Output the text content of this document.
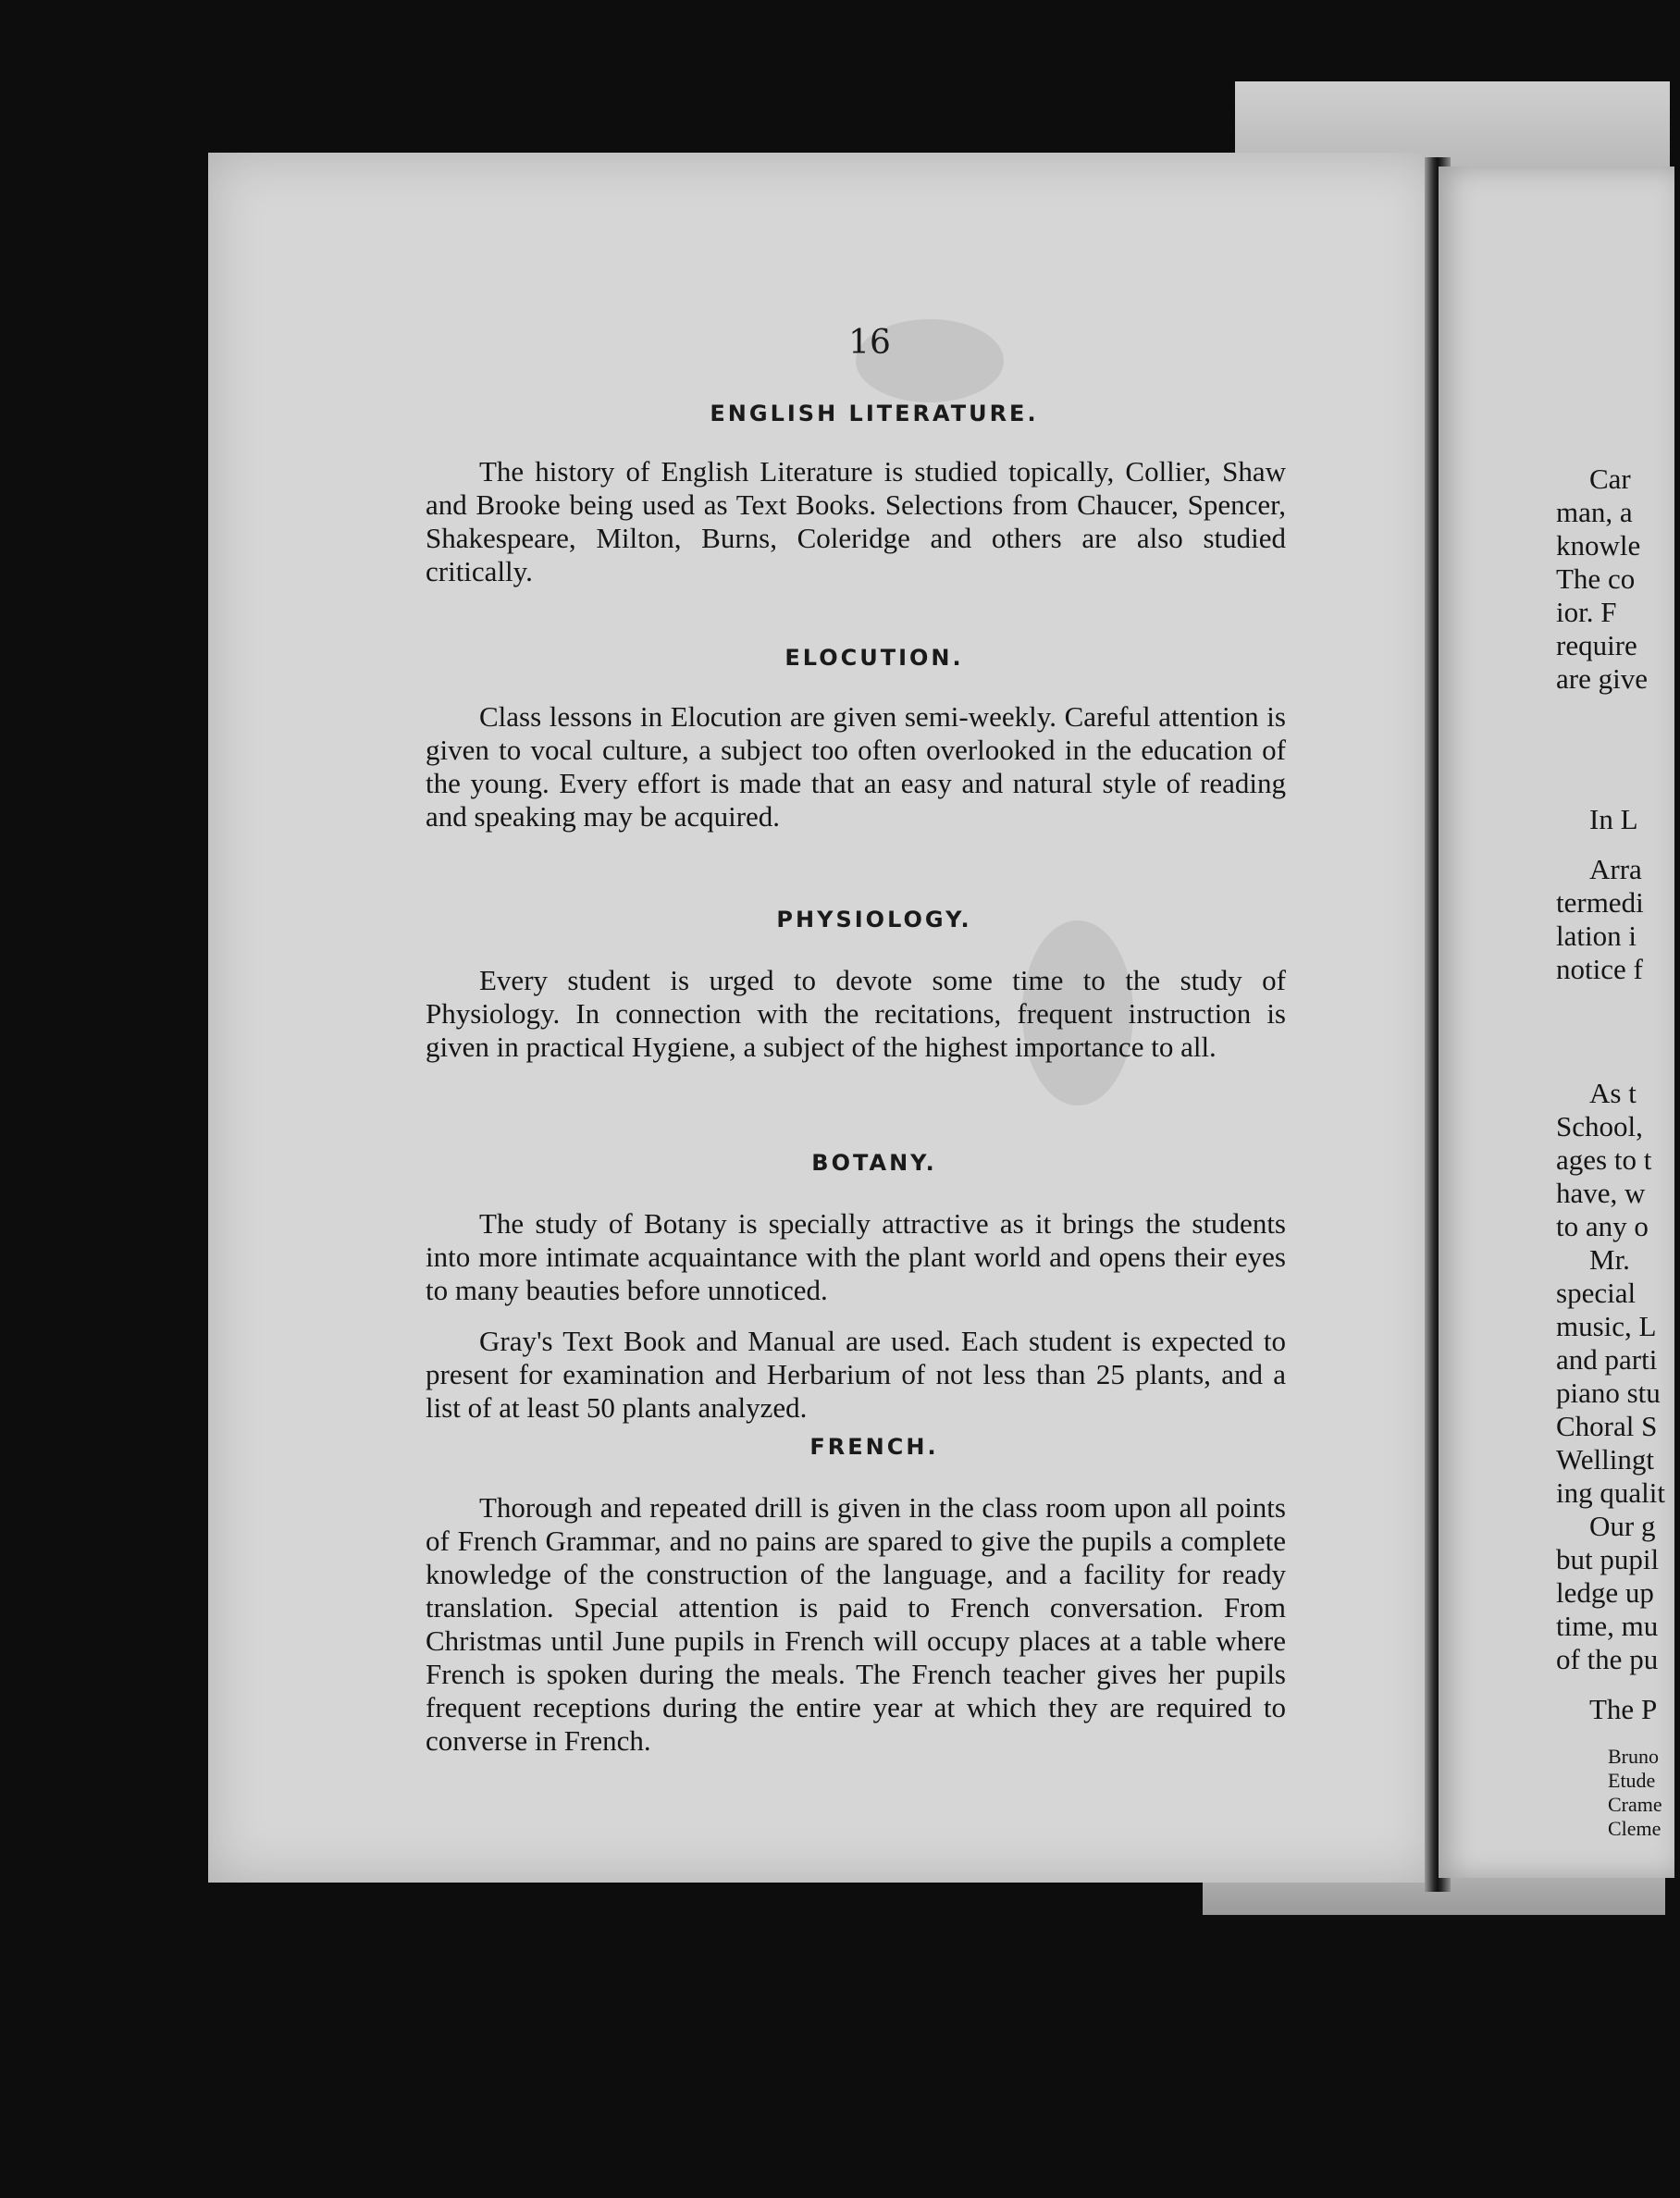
16
ENGLISH LITERATURE.
The history of English Literature is studied topically, Collier, Shaw and Brooke being used as Text Books. Selections from Chaucer, Spencer, Shakespeare, Milton, Burns, Coleridge and others are also studied critically.
ELOCUTION.
Class lessons in Elocution are given semi-weekly. Careful attention is given to vocal culture, a subject too often overlooked in the education of the young. Every effort is made that an easy and natural style of reading and speaking may be acquired.
PHYSIOLOGY.
Every student is urged to devote some time to the study of Physiology. In connection with the recitations, frequent instruction is given in practical Hygiene, a subject of the highest importance to all.
BOTANY.
The study of Botany is specially attractive as it brings the students into more intimate acquaintance with the plant world and opens their eyes to many beauties before unnoticed.
Gray's Text Book and Manual are used. Each student is expected to present for examination and Herbarium of not less than 25 plants, and a list of at least 50 plants analyzed.
FRENCH.
Thorough and repeated drill is given in the class room upon all points of French Grammar, and no pains are spared to give the pupils a complete knowledge of the construction of the language, and a facility for ready translation. Special attention is paid to French conversation. From Christmas until June pupils in French will occupy places at a table where French is spoken during the meals. The French teacher gives her pupils frequent receptions during the entire year at which they are required to converse in French.
Car
man, a
knowle
The co
ior. F
require
are give
In L
Arra
termedi
lation i
notice f
As t
School,
ages to t
have, w
to any o
Mr.
special
music, L
and parti
piano stu
Choral S
Wellingt
ing qualit
Our g
but pupil
ledge up
time, mu
of the pu
The P
Bruno
Etude
Crame
Cleme
